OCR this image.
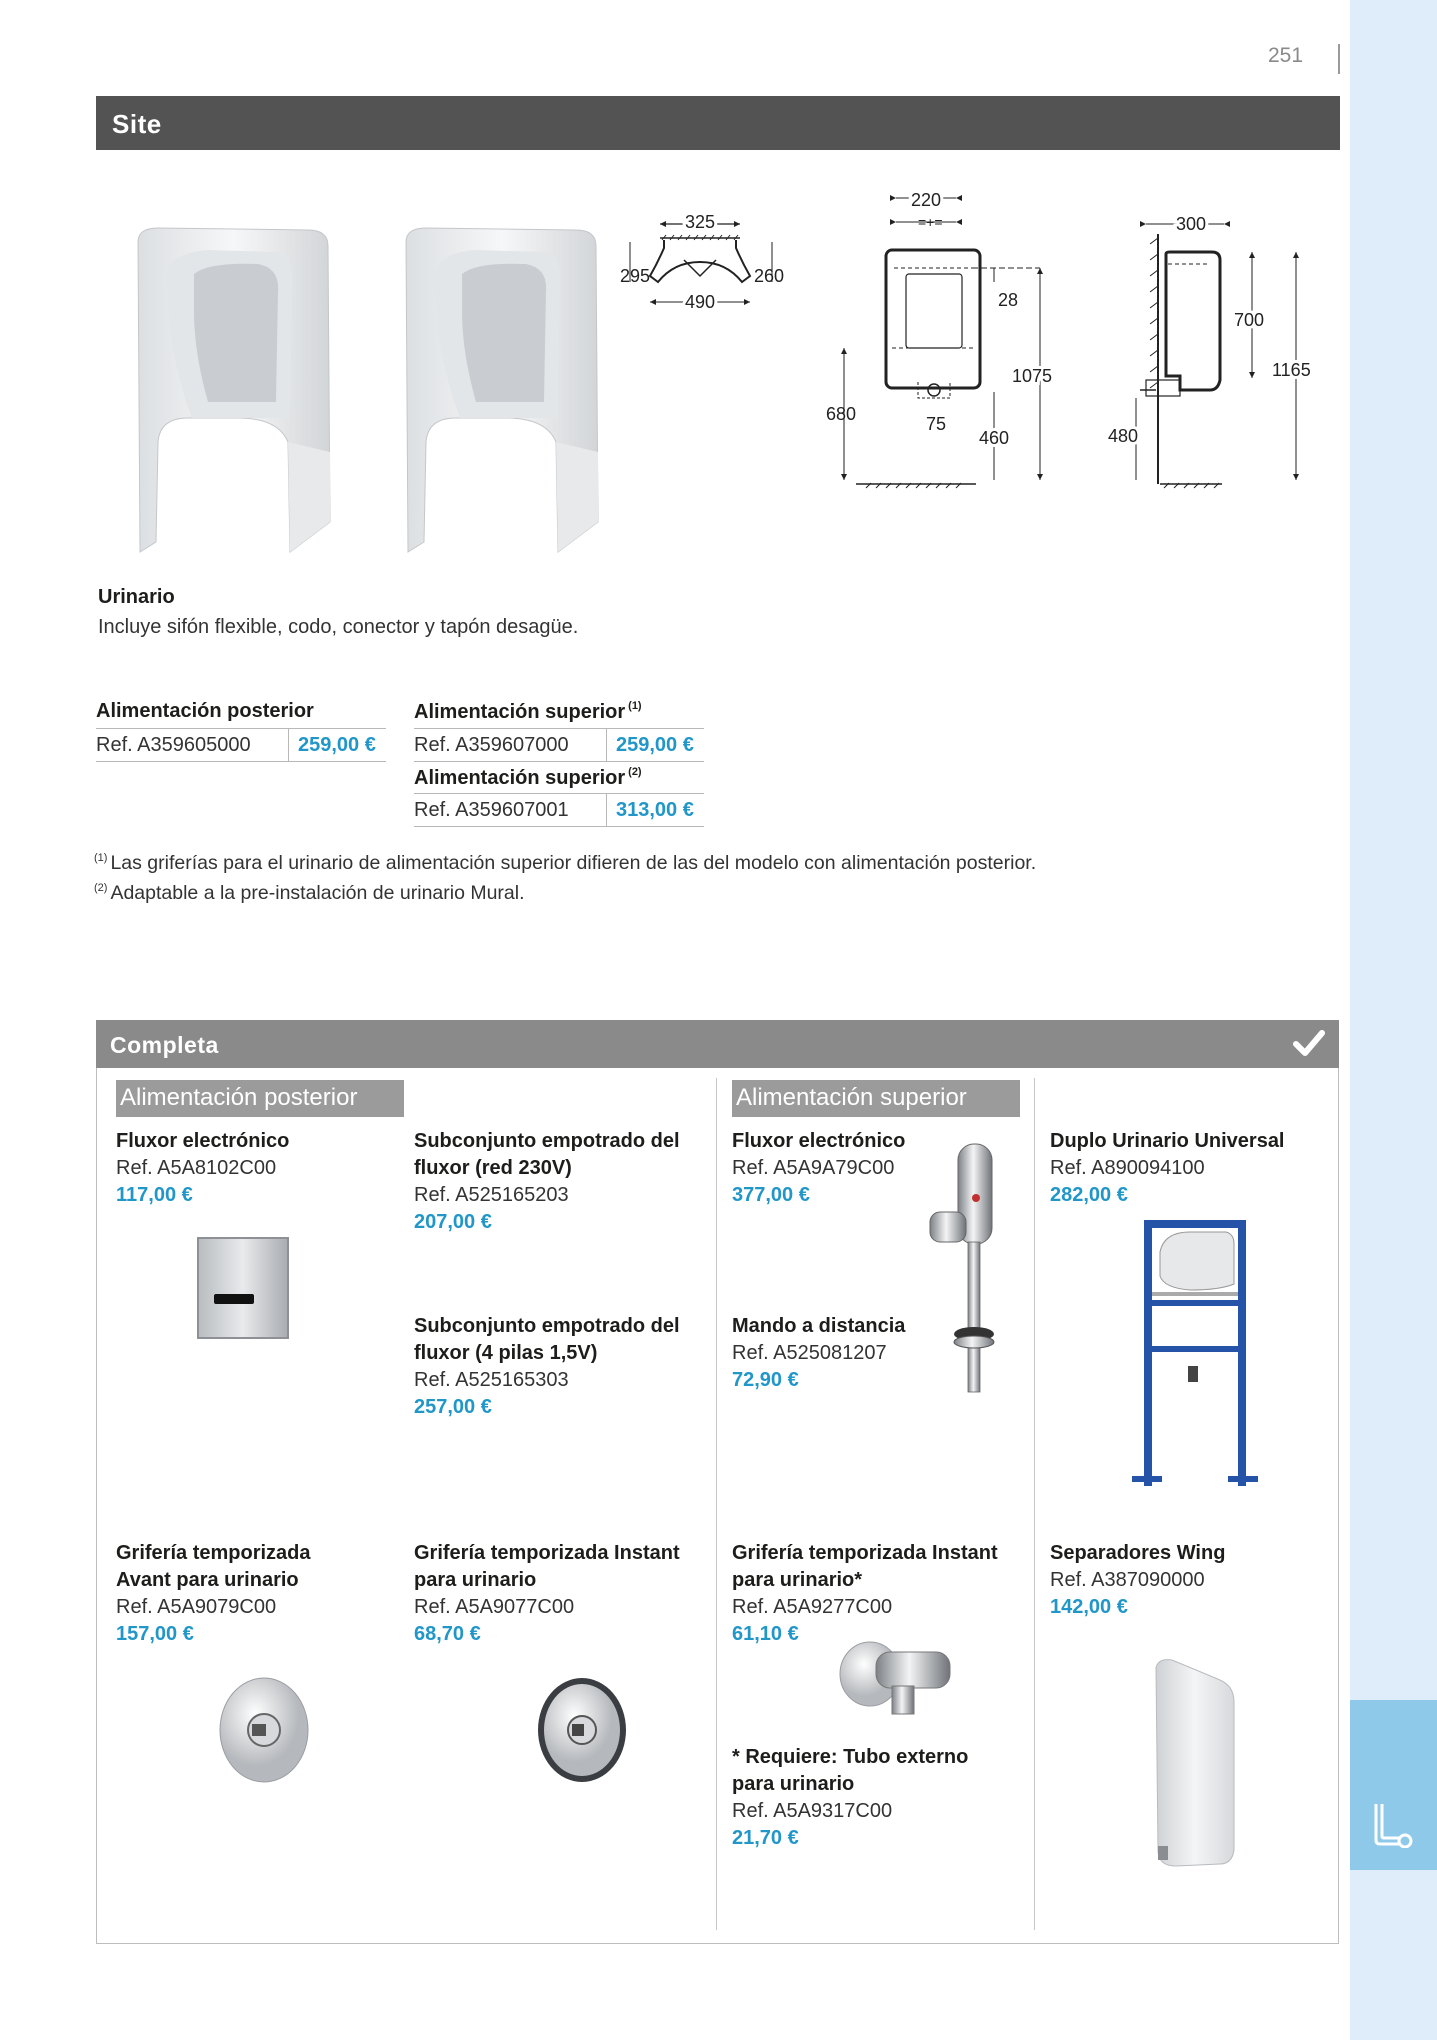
251
Site
325
295	260
490
=+=
220
28
1075
680	75
460
300
700
1165
480
Urinario
Incluye sifón flexible, codo, conector y tapón desagüe.
Alimentación posterior
Ref. A359605000 259,00 €
Alimentación superior $^{(1)}$
Ref. A359607000 259,00 €
Alimentación superior $^{(2)}$
Ref. A359607001 313,00 €
$^{(1)}$ Las griferías para el urinario de alimentación superior difieren de las del modelo con alimentación posterior.
$^{(2)}$ Adaptable a la pre-instalación de urinario Mural.
Completa
Alimentación posterior	Alimentación superior
Fluxor electrónico
Ref. A5A8102C00
117,00 €
Subconjunto empotrado del
fluxor (red 230V)
Ref. A525165203
207,00 €
Subconjunto empotrado del
fluxor (4 pilas 1,5V)
Ref. A525165303
257,00 €
Fluxor electrónico
Ref. A5A9A79C00
377,00 €
Mando a distancia
Ref. A525081207
72,90 €
Duplo Urinario Universal
Ref. A890094100
282,00 €
Grifería temporizada
Avant para urinario
Ref. A5A9079C00
157,00 €
Grifería temporizada Instant
para urinario
Ref. A5A9077C00
68,70 €
Grifería temporizada Instant
para urinario*
Ref. A5A9277C00
61,10 €
* Requiere: Tubo externo
para urinario
Ref. A5A9317C00
21,70 €
Separadores Wing
Ref. A387090000
142,00 €
